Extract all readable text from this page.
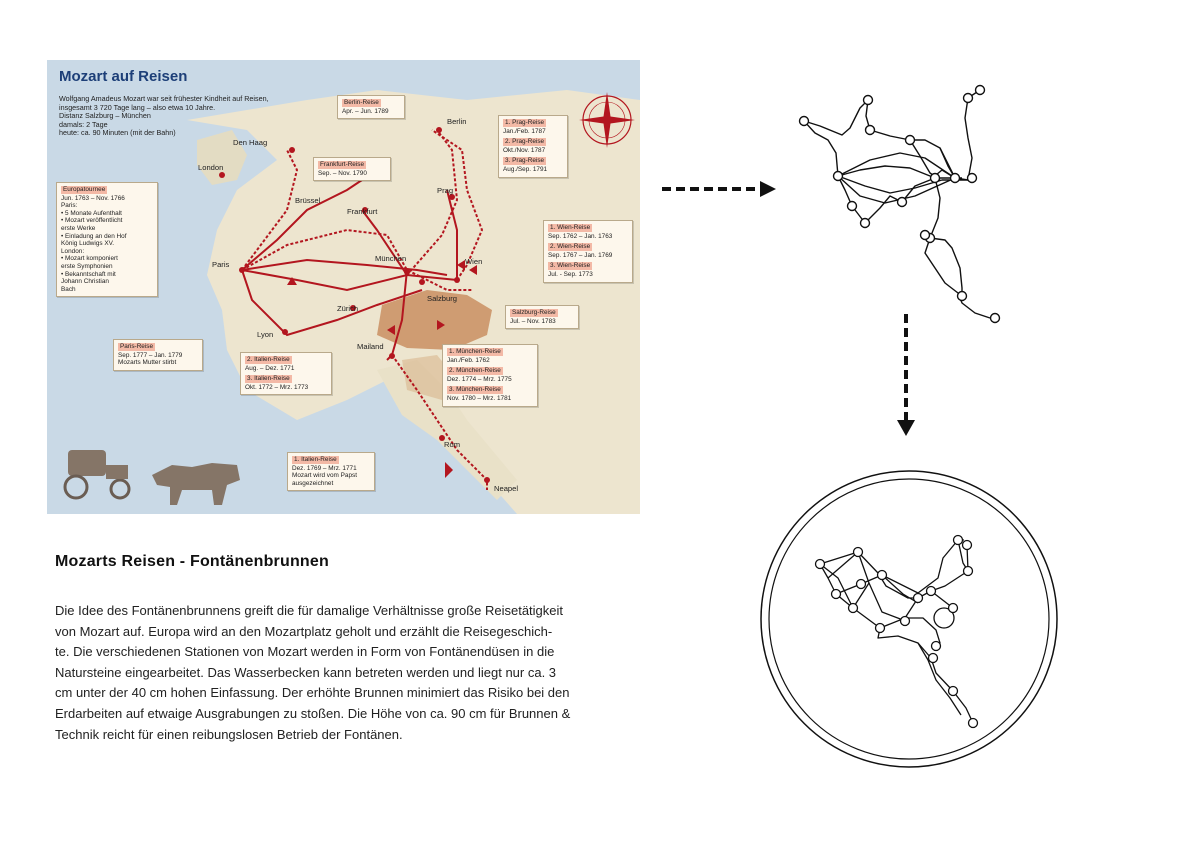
Mozart auf Reisen
Wolfgang Amadeus Mozart war seit frühester Kindheit auf Reisen,
insgesamt 3 720 Tage lang – also etwa 10 Jahre.
Distanz Salzburg – München
damals: 2 Tage
heute: ca. 90 Minuten (mit der Bahn)
Den Haag
London
Brüssel
Paris
Lyon
Zürich
Frankfurt
München
Salzburg
Wien
Prag
Berlin
Mailand
Rom
Neapel
Europatournee
Jun. 1763 – Nov. 1766
Paris:
• 5 Monate Aufenthalt
• Mozart veröffentlicht
erste Werke
• Einladung an den Hof
König Ludwigs XV.
London:
• Mozart komponiert
erste Symphonien
• Bekanntschaft mit
Johann Christian
Bach
Berlin-Reise
Apr. – Jun. 1789
Frankfurt-Reise
Sep. – Nov. 1790
1. Prag-Reise
Jan./Feb. 1787
2. Prag-Reise
Okt./Nov. 1787
3. Prag-Reise
Aug./Sep. 1791
1. Wien-Reise
Sep. 1762 – Jan. 1763
2. Wien-Reise
Sep. 1767 – Jan. 1769
3. Wien-Reise
Jul. - Sep. 1773
Salzburg-Reise
Jul. – Nov. 1783
Paris-Reise
Sep. 1777 – Jan. 1779
Mozarts Mutter stirbt	2. Italien-Reise
Aug. – Dez. 1771
3. Italien-Reise
Okt. 1772 – Mrz. 1773
1. München-Reise
Jan./Feb. 1762
2. München-Reise
Dez. 1774 – Mrz. 1775
3. München-Reise
Nov. 1780 – Mrz. 1781
1. Italien-Reise
Dez. 1769 – Mrz. 1771
Mozart wird vom Papst
ausgezeichnet
Mozarts Reisen - Fontänenbrunnen
Die Idee des Fontänenbrunnens greift die für damalige Verhältnisse große Reisetätigkeit
von Mozart auf. Europa wird an den Mozartplatz geholt und erzählt die Reisegeschich-
te. Die verschiedenen Stationen von Mozart werden in Form von Fontänendüsen in die
Natursteine eingearbeitet. Das Wasserbecken kann betreten werden und liegt nur ca. 3
cm unter der 40 cm hohen Einfassung. Der erhöhte Brunnen minimiert das Risiko bei den
Erdarbeiten auf etwaige Ausgrabungen zu stoßen. Die Höhe von ca. 90 cm für Brunnen &
Technik reicht für einen reibungslosen Betrieb der Fontänen.
